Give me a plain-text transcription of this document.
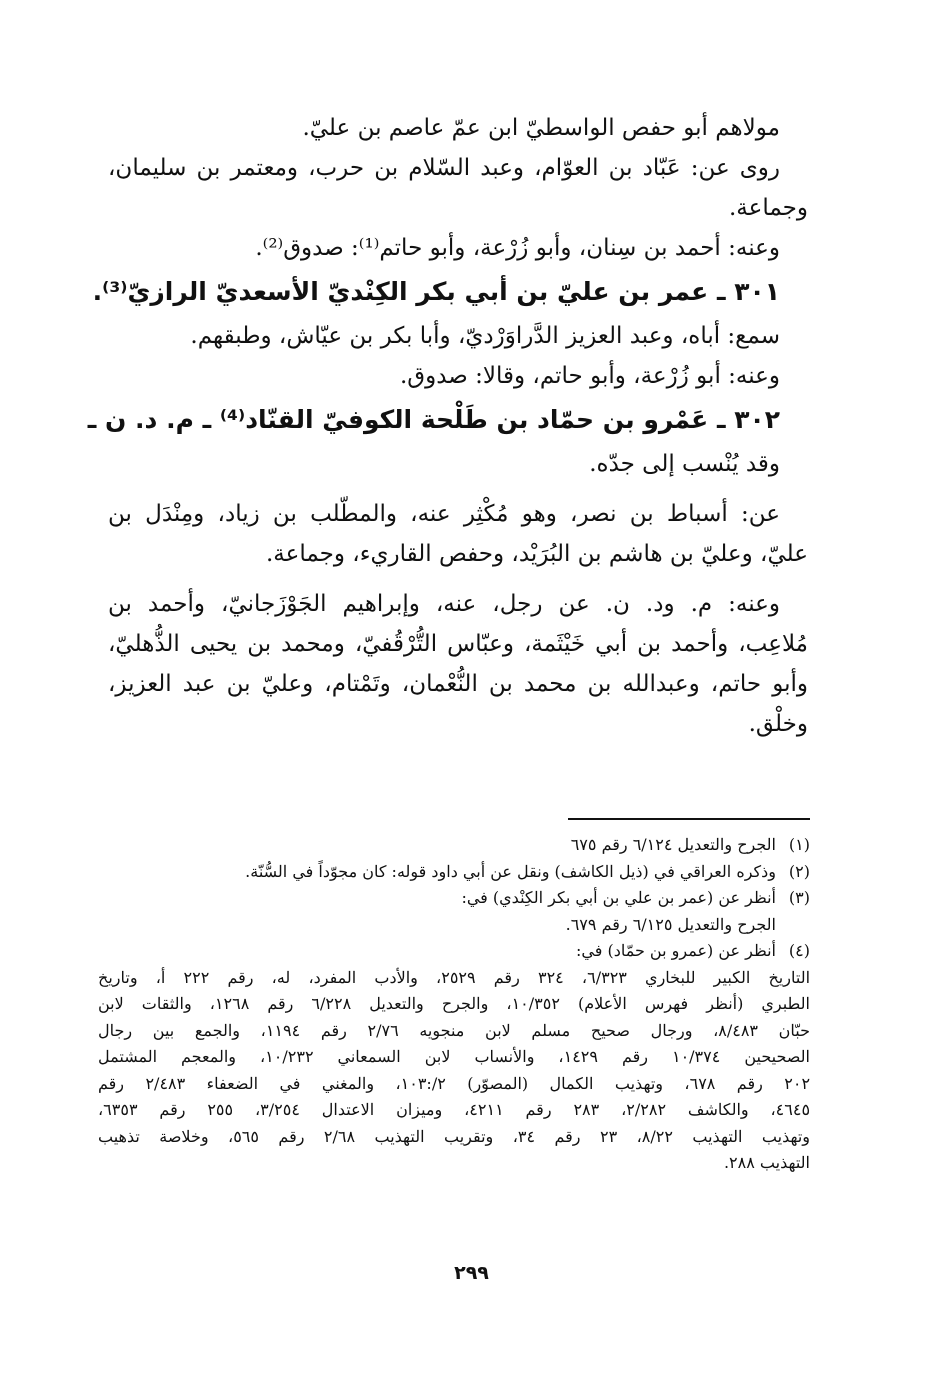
مولاهم أبو حفص الواسطيّ ابن عمّ عاصم بن عليّ.
روى عن: عَبّاد بن العوّام، وعبد السّلام بن حرب، ومعتمر بن سليمان،
وجماعة.
وعنه: أحمد بن سِنان، وأبو زُرْعة، وأبو حاتم⁽¹⁾: صدوق⁽²⁾.
٣٠١ ـ عمر بن عليّ بن أبي بكر الكِنْديّ الأسعديّ الرازيّ⁽³⁾.
سمع: أباه، وعبد العزيز الدَّراوَرْديّ، وأبا بكر بن عيّاش، وطبقهم.
وعنه: أبو زُرْعة، وأبو حاتم، وقالا: صدوق.
٣٠٢ ـ عَمْرو بن حمّاد بن طَلْحة الكوفيّ القنّاد⁽⁴⁾ ـ م. د. ن ـ
وقد يُنْسب إلى جدّه.
عن: أسباط بن نصر، وهو مُكْثِر عنه، والمطّلب بن زياد، ومِنْدَل بن
عليّ، وعليّ بن هاشم بن البُرَيْد، وحفص القاريء، وجماعة.
وعنه: م. ود. ن. عن رجل، عنه، وإبراهيم الجَوْزَجانيّ، وأحمد بن
مُلاعِب، وأحمد بن أبي خَيْثَمة، وعبّاس التُّرْقُفيّ، ومحمد بن يحيى الذُّهليّ،
وأبو حاتم، وعبدالله بن محمد بن النُّعْمان، وتَمْتام، وعليّ بن عبد العزيز،
وخلْق.
(١)الجرح والتعديل ٦/١٢٤ رقم ٦٧٥
(٢)وذكره العراقي في (ذيل الكاشف) ونقل عن أبي داود قوله: كان مجوّداً في السُّنّة.
(٣)أنظر عن (عمر بن علي بن أبي بكر الكِنْدي) في:
الجرح والتعديل ٦/١٢٥ رقم ٦٧٩.
(٤)أنظر عن (عمرو بن حمّاد) في:
التاريخ الكبير للبخاري ٦/٣٢٣، ٣٢٤ رقم ٢٥٢٩، والأدب المفرد، له، رقم ٢٢٢ أ، وتاريخ
الطبري (أنظر فهرس الأعلام) ١٠/٣٥٢، والجرح والتعديل ٦/٢٢٨ رقم ١٢٦٨، والثقات لابن
حبّان ٨/٤٨٣، ورجال صحيح مسلم لابن منجويه ٢/٧٦ رقم ١١٩٤، والجمع بين رجال
الصحيحين ١٠/٣٧٤ رقم ١٤٢٩، والأنساب لابن السمعاني ١٠/٢٣٢، والمعجم المشتمل
٢٠٢ رقم ٦٧٨، وتهذيب الكمال (المصوّر) ٢/:١٠٣، والمغني في الضعفاء ٢/٤٨٣ رقم
٤٦٤٥، والكاشف ٢/٢٨٢، ٢٨٣ رقم ٤٢١١، وميزان الاعتدال ٣/٢٥٤، ٢٥٥ رقم ٦٣٥٣،
وتهذيب التهذيب ٨/٢٢، ٢٣ رقم ٣٤، وتقريب التهذيب ٢/٦٨ رقم ٥٦٥، وخلاصة تذهيب
التهذيب ٢٨٨.
٢٩٩
